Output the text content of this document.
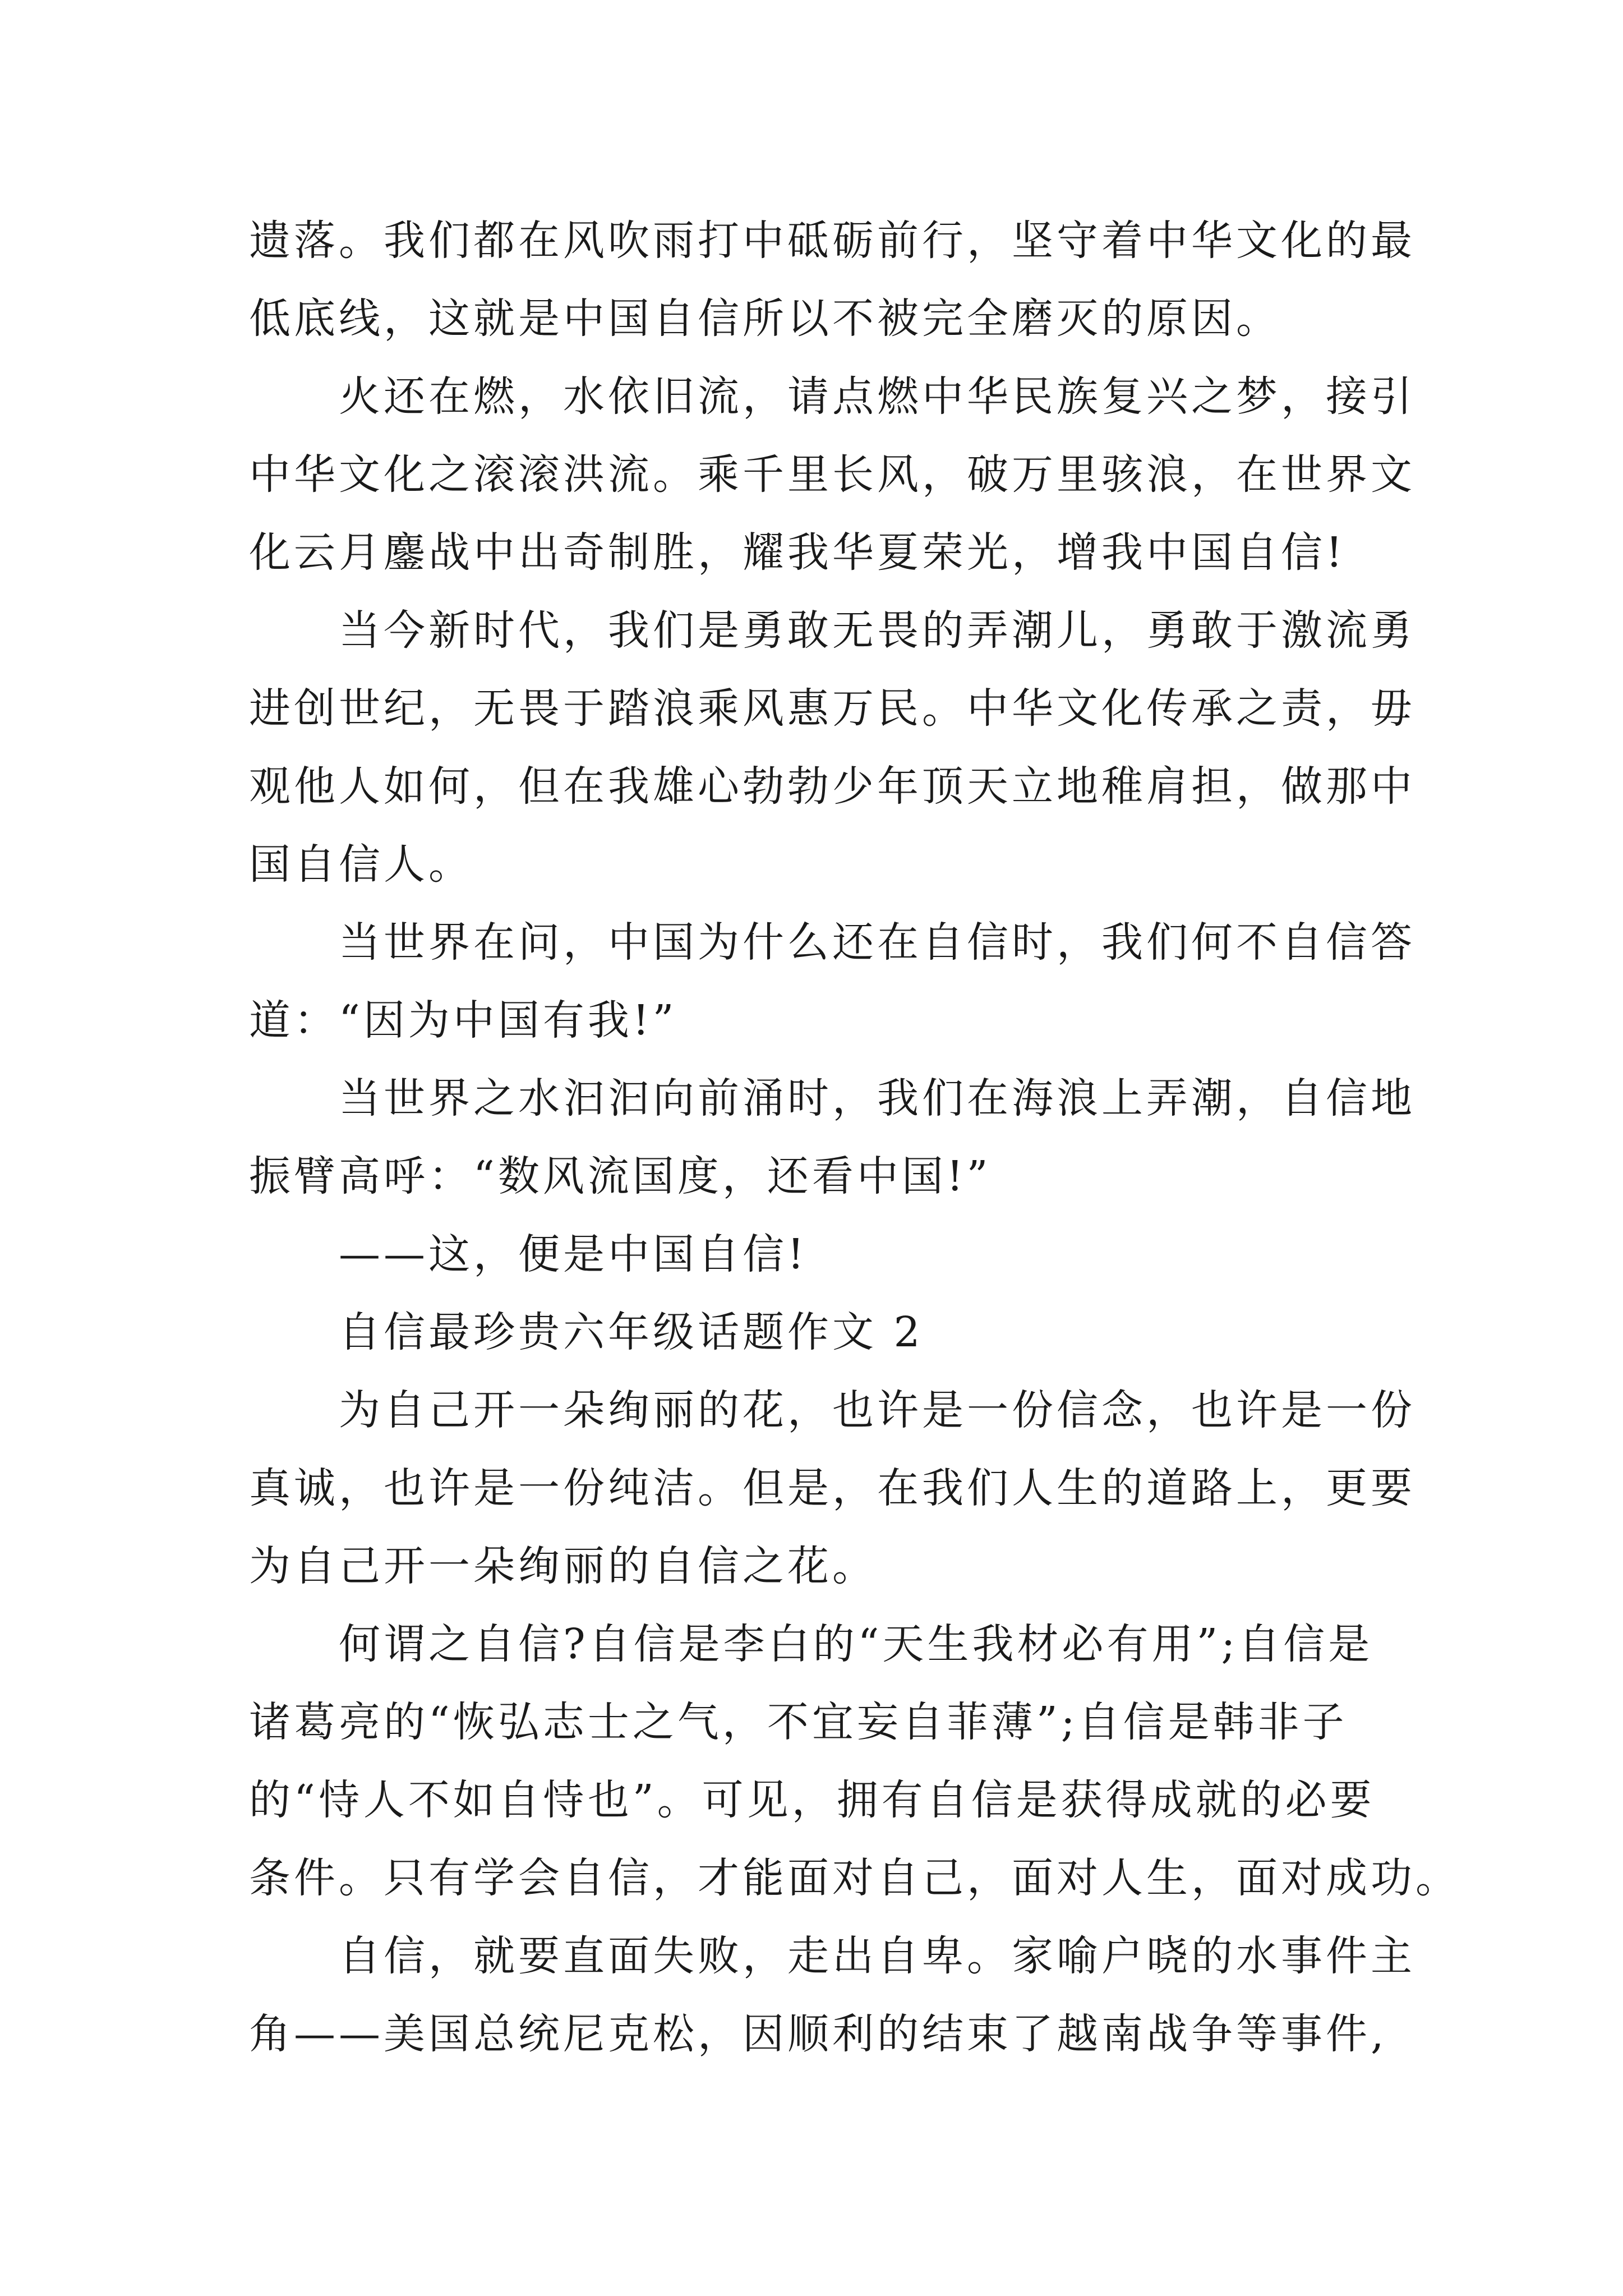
遗落。我们都在风吹雨打中砥砺前行，坚守着中华文化的最
低底线，这就是中国自信所以不被完全磨灭的原因。
火还在燃，水依旧流，请点燃中华民族复兴之梦，接引
中华文化之滚滚洪流。乘千里长风，破万里骇浪，在世界文
化云月鏖战中出奇制胜，耀我华夏荣光，增我中国自信!
当今新时代，我们是勇敢无畏的弄潮儿，勇敢于激流勇
进创世纪，无畏于踏浪乘风惠万民。中华文化传承之责，毋
观他人如何，但在我雄心勃勃少年顶天立地稚肩担，做那中
国自信人。
当世界在问，中国为什么还在自信时，我们何不自信答
道：“因为中国有我!”
当世界之水汩汩向前涌时，我们在海浪上弄潮，自信地
振臂高呼：“数风流国度，还看中国!”
——这，便是中国自信!
自信最珍贵六年级话题作文 2
为自己开一朵绚丽的花，也许是一份信念，也许是一份
真诚，也许是一份纯洁。但是，在我们人生的道路上，更要
为自己开一朵绚丽的自信之花。
何谓之自信?自信是李白的“天生我材必有用”;自信是
诸葛亮的“恢弘志士之气，不宜妄自菲薄”;自信是韩非子
的“恃人不如自恃也”。可见，拥有自信是获得成就的必要
条件。只有学会自信，才能面对自己，面对人生，面对成功。
自信，就要直面失败，走出自卑。家喻户晓的水事件主
角——美国总统尼克松，因顺利的结束了越南战争等事件,
